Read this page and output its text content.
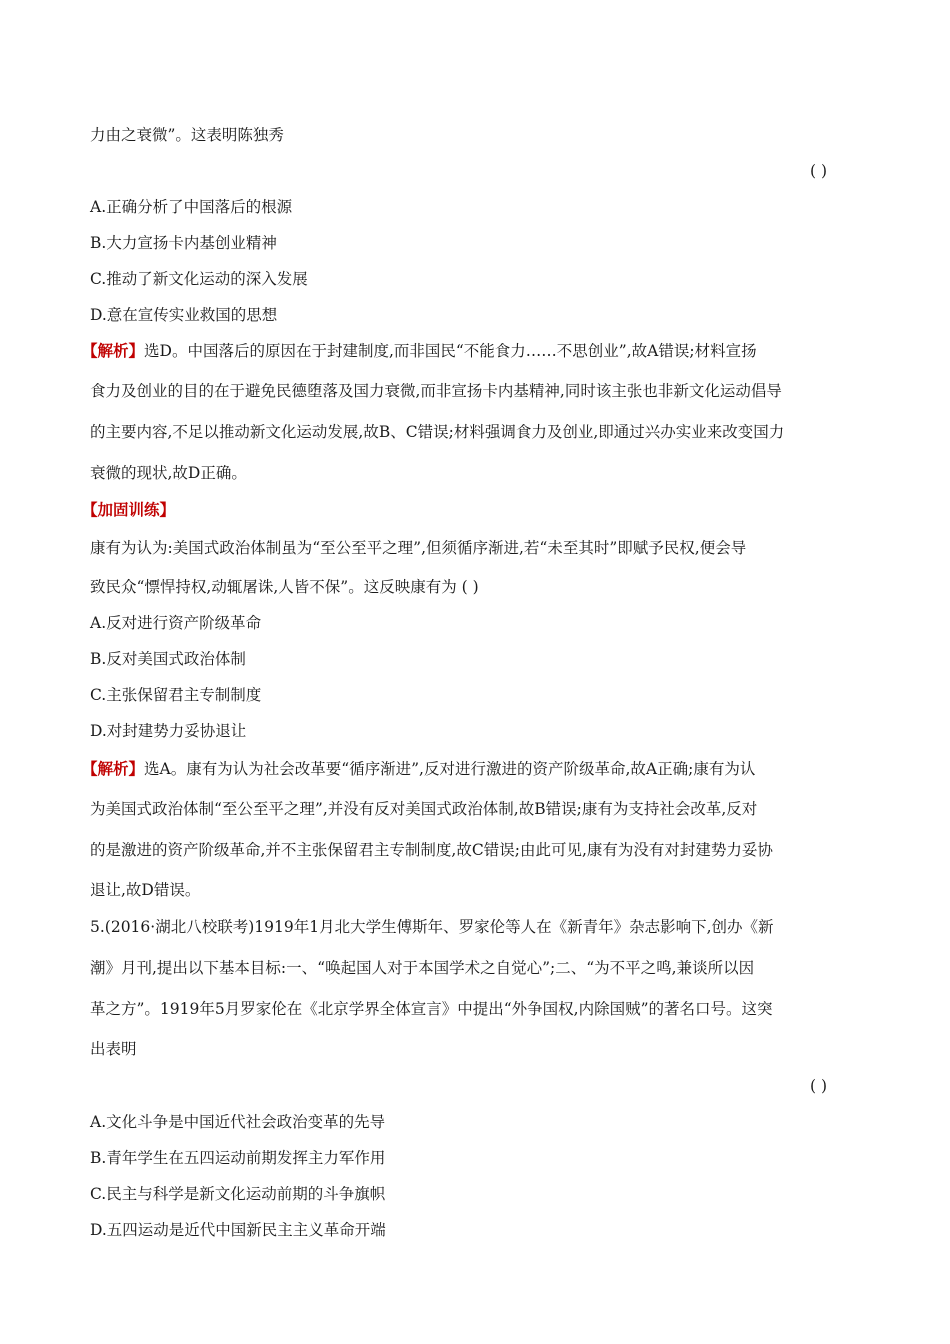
力由之衰微”。这表明陈独秀
( )
A.正确分析了中国落后的根源
B.大力宣扬卡内基创业精神
C.推动了新文化运动的深入发展
D.意在宣传实业救国的思想
【解析】选D。中国落后的原因在于封建制度,而非国民“不能食力……不思创业”,故A错误;材料宣扬
食力及创业的目的在于避免民德堕落及国力衰微,而非宣扬卡内基精神,同时该主张也非新文化运动倡导
的主要内容,不足以推动新文化运动发展,故B、C错误;材料强调食力及创业,即通过兴办实业来改变国力
衰微的现状,故D正确。
【加固训练】
康有为认为:美国式政治体制虽为“至公至平之理”,但须循序渐进,若“未至其时”即赋予民权,便会导
致民众“慓悍持权,动辄屠诛,人皆不保”。这反映康有为 ( )
A.反对进行资产阶级革命
B.反对美国式政治体制
C.主张保留君主专制制度
D.对封建势力妥协退让
【解析】选A。康有为认为社会改革要“循序渐进”,反对进行激进的资产阶级革命,故A正确;康有为认
为美国式政治体制“至公至平之理”,并没有反对美国式政治体制,故B错误;康有为支持社会改革,反对
的是激进的资产阶级革命,并不主张保留君主专制制度,故C错误;由此可见,康有为没有对封建势力妥协
退让,故D错误。
5.(2016·湖北八校联考)1919年1月北大学生傅斯年、罗家伦等人在《新青年》杂志影响下,创办《新
潮》月刊,提出以下基本目标:一、“唤起国人对于本国学术之自觉心”;二、“为不平之鸣,兼谈所以因
革之方”。1919年5月罗家伦在《北京学界全体宣言》中提出“外争国权,内除国贼”的著名口号。这突
出表明
( )
A.文化斗争是中国近代社会政治变革的先导
B.青年学生在五四运动前期发挥主力军作用
C.民主与科学是新文化运动前期的斗争旗帜
D.五四运动是近代中国新民主主义革命开端
